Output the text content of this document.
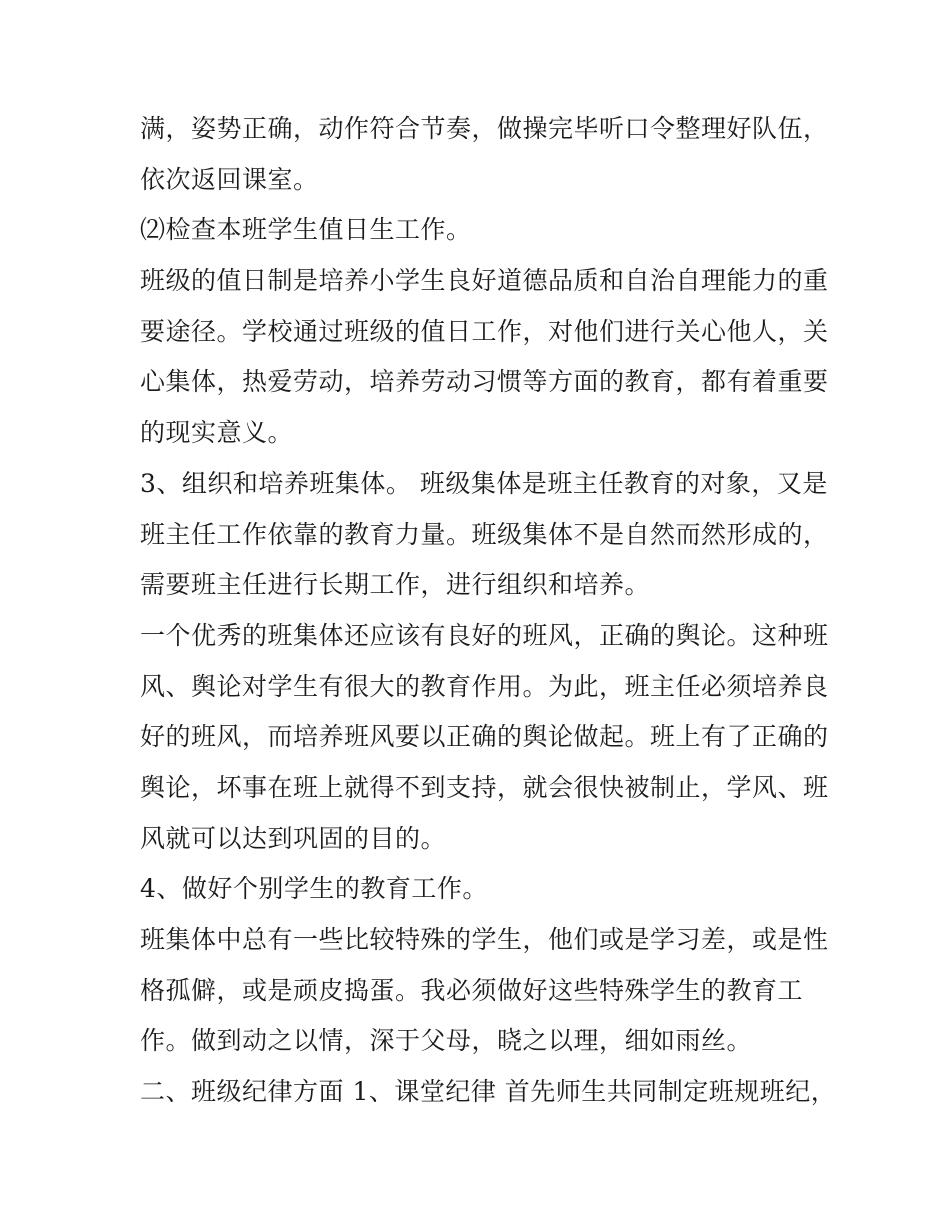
满，姿势正确，动作符合节奏，做操完毕听口令整理好队伍，
依次返回课室。
⑵检查本班学生值日生工作。
班级的值日制是培养小学生良好道德品质和自治自理能力的重
要途径。学校通过班级的值日工作，对他们进行关心他人，关
心集体，热爱劳动，培养劳动习惯等方面的教育，都有着重要
的现实意义。
3、组织和培养班集体。 班级集体是班主任教育的对象，又是
班主任工作依靠的教育力量。班级集体不是自然而然形成的，
需要班主任进行长期工作，进行组织和培养。
一个优秀的班集体还应该有良好的班风，正确的舆论。这种班
风、舆论对学生有很大的教育作用。为此，班主任必须培养良
好的班风，而培养班风要以正确的舆论做起。班上有了正确的
舆论，坏事在班上就得不到支持，就会很快被制止，学风、班
风就可以达到巩固的目的。
4、做好个别学生的教育工作。
班集体中总有一些比较特殊的学生，他们或是学习差，或是性
格孤僻，或是顽皮捣蛋。我必须做好这些特殊学生的教育工
作。做到动之以情，深于父母，晓之以理，细如雨丝。
二、班级纪律方面 1、课堂纪律 首先师生共同制定班规班纪，
